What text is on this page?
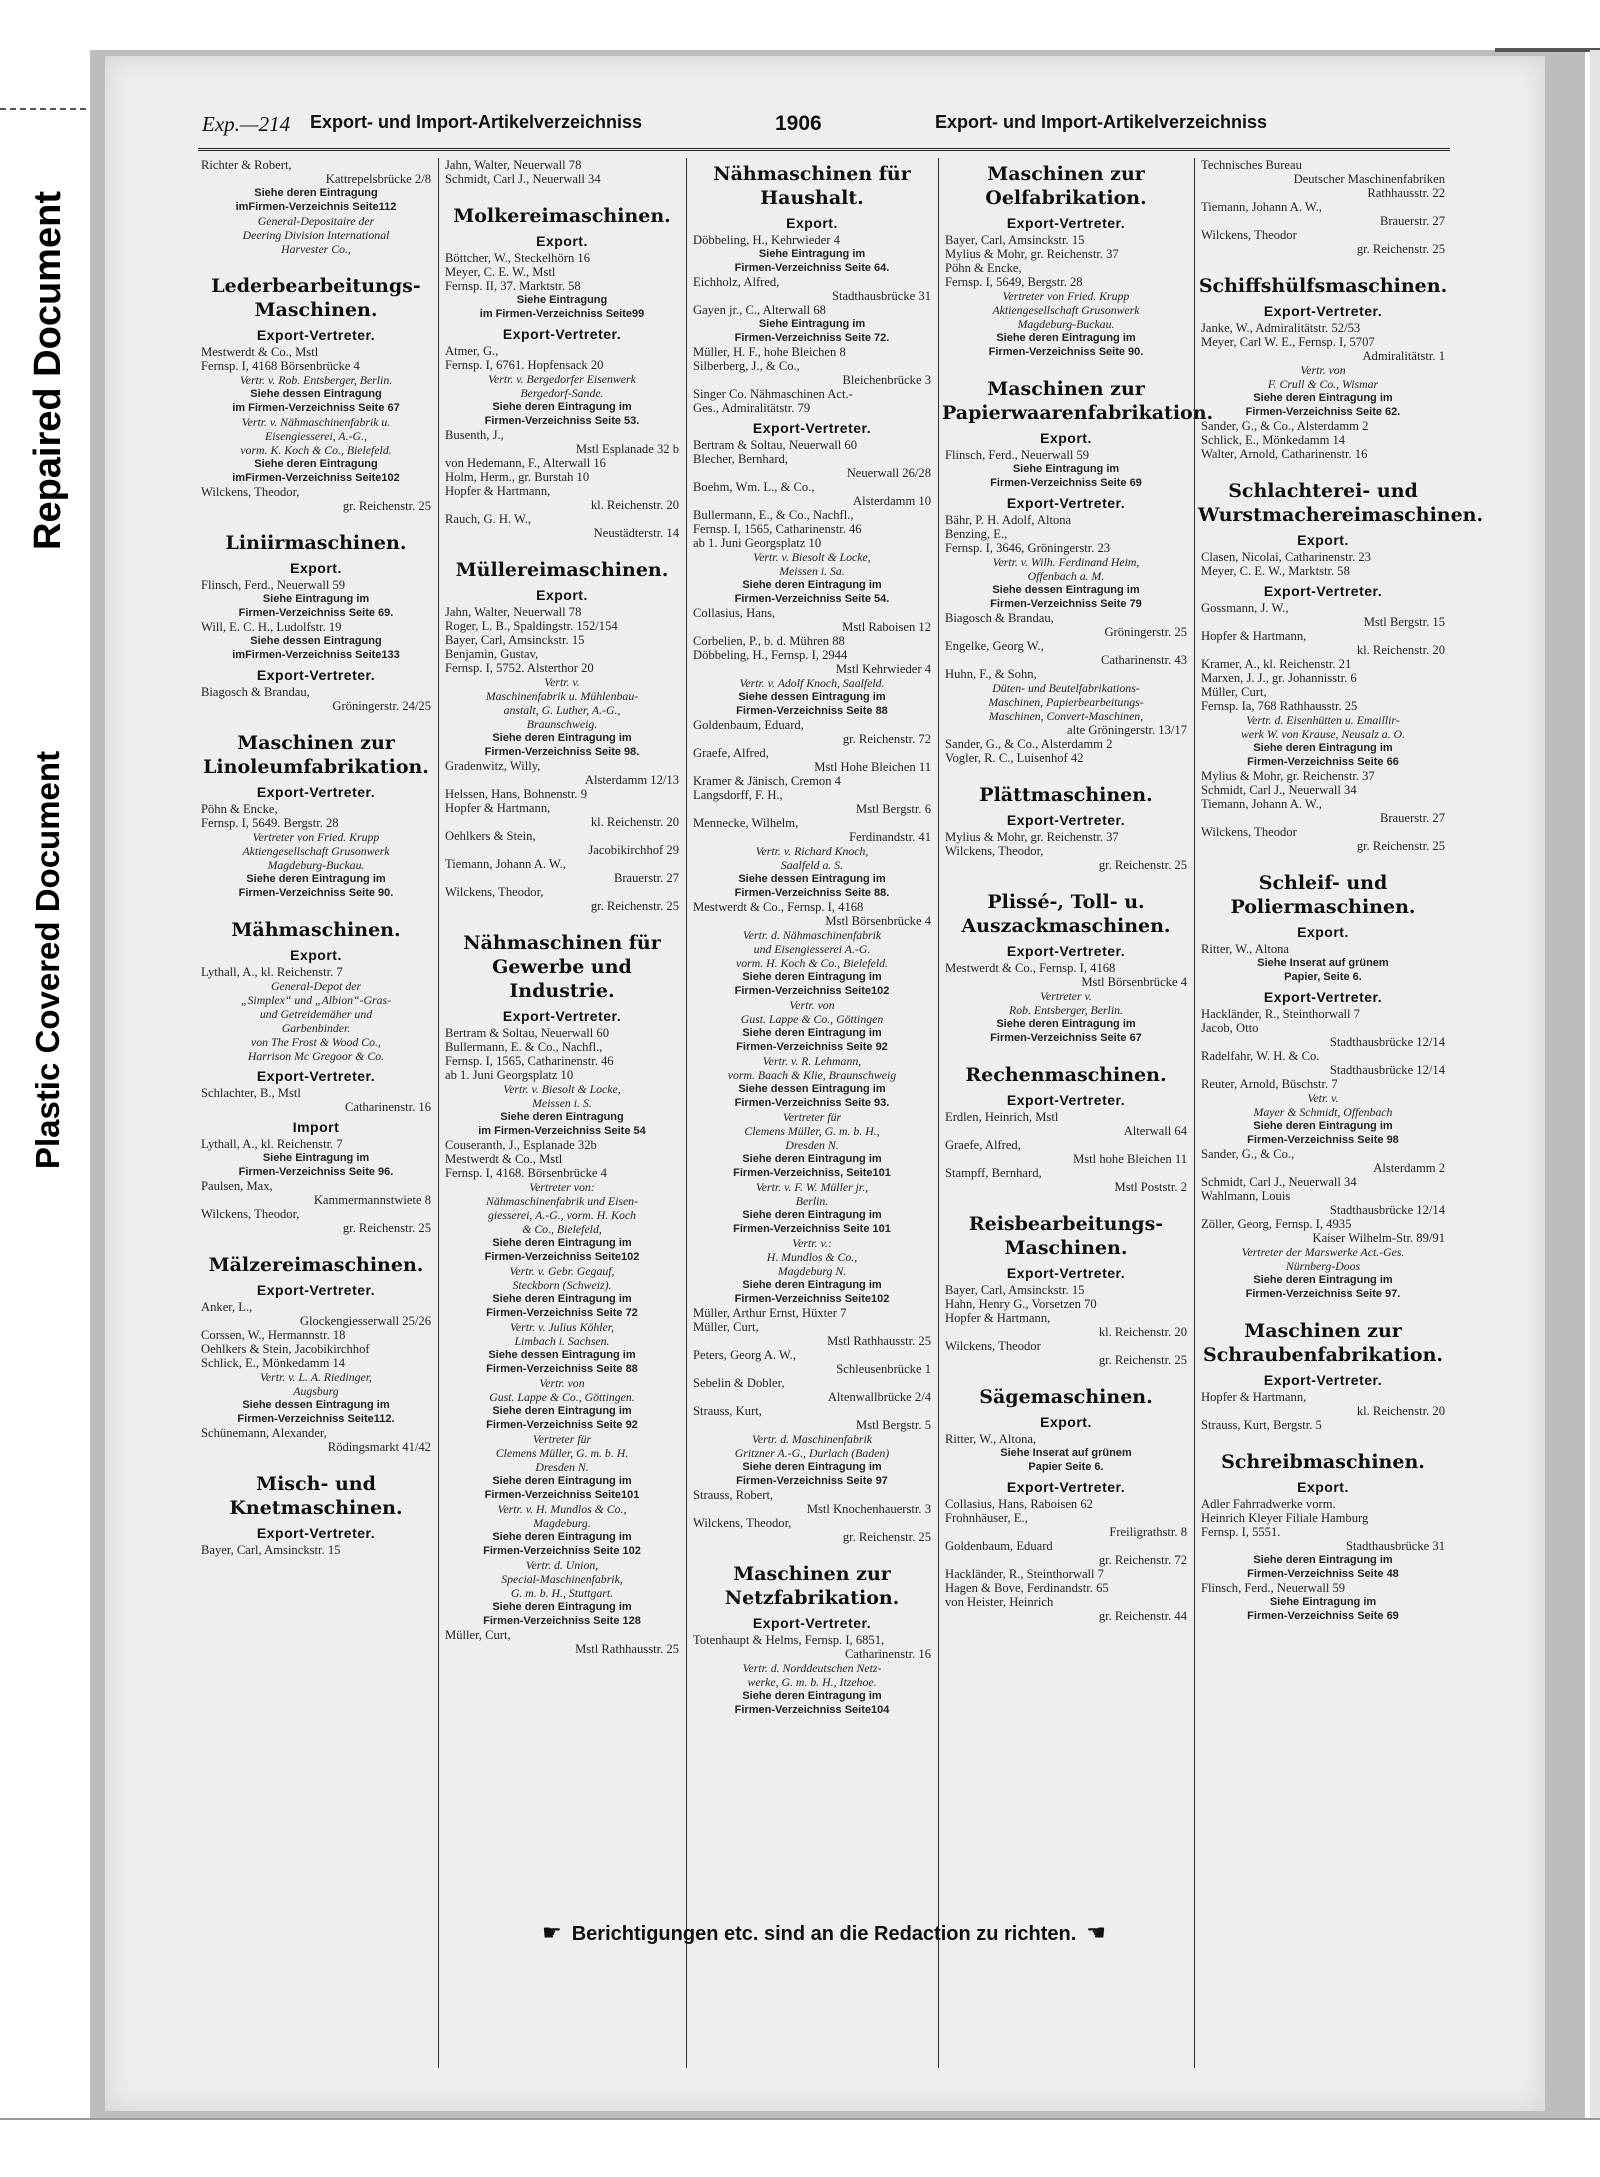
Repaired Document
Plastic Covered Document
Exp.—214 Export- und Import-Artikelverzeichniss	1906	Export- und Import-Artikelverzeichniss
Richter & Robert,
Kattrepelsbrücke 2/8
Siehe deren Eintragung
imFirmen-Verzeichnis Seite112
General-Depositaire der
Deering Division International
Harvester Co.,
Lederbearbeitungs-Maschinen.
Export-Vertreter.
Mestwerdt & Co., Mstl
Fernsp. I, 4168 Börsenbrücke 4
Vertr. v. Rob. Entsberger, Berlin.
Siehe dessen Eintragung
im Firmen-Verzeichniss Seite 67
Vertr. v. Nähmaschinenfabrik u.
Eisengiesserei, A.-G.,
vorm. K. Koch & Co., Bielefeld.
Siehe deren Eintragung
imFirmen-Verzeichniss Seite102
Wilckens, Theodor,
gr. Reichenstr. 25
Liniirmaschinen.
Export.
Flinsch, Ferd., Neuerwall 59
Siehe Eintragung im
Firmen-Verzeichniss Seite 69.
Will, E. C. H., Ludolfstr. 19
Siehe dessen Eintragung
imFirmen-Verzeichniss Seite133
Export-Vertreter.
Biagosch & Brandau,
Gröningerstr. 24/25
Maschinen zur Linoleumfabrikation.
Export-Vertreter.
Pöhn & Encke,
Fernsp. I, 5649. Bergstr. 28
Vertreter von Fried. Krupp
Aktiengesellschaft Grusonwerk
Magdeburg-Buckau.
Siehe deren Eintragung im
Firmen-Verzeichniss Seite 90.
Mähmaschinen.
Export.
Lythall, A., kl. Reichenstr. 7
General-Depot der
„Simplex“ und „Albion“-Gras-
und Getreidemäher und
Garbenbinder.
von The Frost & Wood Co.,
Harrison Mc Gregoor & Co.
Export-Vertreter.
Schlachter, B., Mstl
Catharinenstr. 16
Import
Lythall, A., kl. Reichenstr. 7
Siehe Eintragung im
Firmen-Verzeichniss Seite 96.
Paulsen, Max,
Kammermannstwiete 8
Wilckens, Theodor,
gr. Reichenstr. 25
Mälzereimaschinen.
Export-Vertreter.
Anker, L.,
Glockengiesserwall 25/26
Corssen, W., Hermannstr. 18
Oehlkers & Stein, Jacobikirchhof
Schlick, E., Mönkedamm 14
Vertr. v. L. A. Riedinger,
Augsburg
Siehe dessen Eintragung im
Firmen-Verzeichniss Seite112.
Schünemann, Alexander,
Rödingsmarkt 41/42
Misch- und Knetmaschinen.
Export-Vertreter.
Bayer, Carl, Amsinckstr. 15
Jahn, Walter, Neuerwall 78
Schmidt, Carl J., Neuerwall 34
Molkereimaschinen.
Export.
Böttcher, W., Steckelhörn 16
Meyer, C. E. W., Mstl
Fernsp. II, 37. Marktstr. 58
Siehe Eintragung
im Firmen-Verzeichniss Seite99
Export-Vertreter.
Atmer, G.,
Fernsp. I, 6761. Hopfensack 20
Vertr. v. Bergedorfer Eisenwerk
Bergedorf-Sande.
Siehe deren Eintragung im
Firmen-Verzeichniss Seite 53.
Busenth, J.,
Mstl Esplanade 32 b
von Hedemann, F., Alterwall 16
Holm, Herm., gr. Burstah 10
Hopfer & Hartmann,
kl. Reichenstr. 20
Rauch, G. H. W.,
Neustädterstr. 14
Müllereimaschinen.
Export.
Jahn, Walter, Neuerwall 78
Roger, L. B., Spaldingstr. 152/154
Bayer, Carl, Amsinckstr. 15
Benjamin, Gustav,
Fernsp. I, 5752. Alsterthor 20
Vertr. v.
Maschinenfabrik u. Mühlenbau-
anstalt, G. Luther, A.-G.,
Braunschweig.
Siehe deren Eintragung im
Firmen-Verzeichniss Seite 98.
Gradenwitz, Willy,
Alsterdamm 12/13
Helssen, Hans, Bohnenstr. 9
Hopfer & Hartmann,
kl. Reichenstr. 20
Oehlkers & Stein,
Jacobikirchhof 29
Tiemann, Johann A. W.,
Brauerstr. 27
Wilckens, Theodor,
gr. Reichenstr. 25
Nähmaschinen für Gewerbe und Industrie.
Export-Vertreter.
Bertram & Soltau, Neuerwall 60
Bullermann, E. & Co., Nachfl.,
Fernsp. I, 1565, Catharinenstr. 46
ab 1. Juni Georgsplatz 10
Vertr. v. Biesolt & Locke,
Meissen i. S.
Siehe deren Eintragung
im Firmen-Verzeichniss Seite 54
Couseranth, J., Esplanade 32b
Mestwerdt & Co., Mstl
Fernsp. I, 4168. Börsenbrücke 4
Vertreter von:
Nähmaschinenfabrik und Eisen-
giesserei, A.-G., vorm. H. Koch
& Co., Bielefeld,
Siehe deren Eintragung im
Firmen-Verzeichniss Seite102
Vertr. v. Gebr. Gegauf,
Steckborn (Schweiz).
Siehe deren Eintragung im
Firmen-Verzeichniss Seite 72
Vertr. v. Julius Köhler,
Limbach i. Sachsen.
Siehe dessen Eintragung im
Firmen-Verzeichniss Seite 88
Vertr. von
Gust. Lappe & Co., Göttingen.
Siehe deren Eintragung im
Firmen-Verzeichniss Seite 92
Vertreter für
Clemens Müller, G. m. b. H.
Dresden N.
Siehe deren Eintragung im
Firmen-Verzeichniss Seite101
Vertr. v. H. Mundlos & Co.,
Magdeburg.
Siehe deren Eintragung im
Firmen-Verzeichniss Seite 102
Vertr. d. Union,
Special-Maschinenfabrik,
G. m. b. H., Stuttgart.
Siehe deren Eintragung im
Firmen-Verzeichniss Seite 128
Müller, Curt,
Mstl Rathhausstr. 25
Nähmaschinen für Haushalt.
Export.
Döbbeling, H., Kehrwieder 4
Siehe Eintragung im
Firmen-Verzeichniss Seite 64.
Eichholz, Alfred,
Stadthausbrücke 31
Gayen jr., C., Alterwall 68
Siehe Eintragung im
Firmen-Verzeichniss Seite 72.
Müller, H. F., hohe Bleichen 8
Silberberg, J., & Co.,
Bleichenbrücke 3
Singer Co. Nähmaschinen Act.-
Ges., Admiralitätstr. 79
Export-Vertreter.
Bertram & Soltau, Neuerwall 60
Blecher, Bernhard,
Neuerwall 26/28
Boehm, Wm. L., & Co.,
Alsterdamm 10
Bullermann, E., & Co., Nachfl.,
Fernsp. I, 1565, Catharinenstr. 46
ab 1. Juni Georgsplatz 10
Vertr. v. Biesolt & Locke,
Meissen i. Sa.
Siehe deren Eintragung im
Firmen-Verzeichniss Seite 54.
Collasius, Hans,
Mstl Raboisen 12
Corbelien, P., b. d. Mühren 88
Döbbeling, H., Fernsp. I, 2944
Mstl Kehrwieder 4
Vertr. v. Adolf Knoch, Saalfeld.
Siehe dessen Eintragung im
Firmen-Verzeichniss Seite 88
Goldenbaum, Eduard,
gr. Reichenstr. 72
Graefe, Alfred,
Mstl Hohe Bleichen 11
Kramer & Jänisch, Cremon 4
Langsdorff, F. H.,
Mstl Bergstr. 6
Mennecke, Wilhelm,
Ferdinandstr. 41
Vertr. v. Richard Knoch,
Saalfeld a. S.
Siehe dessen Eintragung im
Firmen-Verzeichniss Seite 88.
Mestwerdt & Co., Fernsp. I, 4168
Mstl Börsenbrücke 4
Vertr. d. Nähmaschinenfabrik
und Eisengiesserei A.-G.
vorm. H. Koch & Co., Bielefeld.
Siehe deren Eintragung im
Firmen-Verzeichniss Seite102
Vertr. von
Gust. Lappe & Co., Göttingen
Siehe deren Eintragung im
Firmen-Verzeichniss Seite 92
Vertr. v. R. Lehmann,
vorm. Baach & Klie, Braunschweig
Siehe dessen Eintragung im
Firmen-Verzeichniss Seite 93.
Vertreter für
Clemens Müller, G. m. b. H.,
Dresden N.
Siehe deren Eintragung im
Firmen-Verzeichniss, Seite101
Vertr. v. F. W. Müller jr.,
Berlin.
Siehe deren Eintragung im
Firmen-Verzeichniss Seite 101
Vertr. v.:
H. Mundlos & Co.,
Magdeburg N.
Siehe deren Eintragung im
Firmen-Verzeichniss Seite102
Müller, Arthur Ernst, Hüxter 7
Müller, Curt,
Mstl Rathhausstr. 25
Peters, Georg A. W.,
Schleusenbrücke 1
Sebelin & Dobler,
Altenwallbrücke 2/4
Strauss, Kurt,
Mstl Bergstr. 5
Vertr. d. Maschinenfabrik
Gritzner A.-G., Durlach (Baden)
Siehe deren Eintragung im
Firmen-Verzeichniss Seite 97
Strauss, Robert,
Mstl Knochenhauerstr. 3
Wilckens, Theodor,
gr. Reichenstr. 25
Maschinen zur Netzfabrikation.
Export-Vertreter.
Totenhaupt & Helms, Fernsp. I, 6851,
Catharinenstr. 16
Vertr. d. Norddeutschen Netz-
werke, G. m. b. H., Itzehoe.
Siehe deren Eintragung im
Firmen-Verzeichniss Seite104
Maschinen zur Oelfabrikation.
Export-Vertreter.
Bayer, Carl, Amsinckstr. 15
Mylius & Mohr, gr. Reichenstr. 37
Pöhn & Encke,
Fernsp. I, 5649, Bergstr. 28
Vertreter von Fried. Krupp
Aktiengesellschaft Grusonwerk
Magdeburg-Buckau.
Siehe deren Eintragung im
Firmen-Verzeichniss Seite 90.
Maschinen zur Papierwaarenfabrikation.
Export.
Flinsch, Ferd., Neuerwall 59
Siehe Eintragung im
Firmen-Verzeichniss Seite 69
Export-Vertreter.
Bähr, P. H. Adolf, Altona
Benzing, E.,
Fernsp. I, 3646, Gröningerstr. 23
Vertr. v. Wilh. Ferdinand Heim,
Offenbach a. M.
Siehe dessen Eintragung im
Firmen-Verzeichniss Seite 79
Biagosch & Brandau,
Gröningerstr. 25
Engelke, Georg W.,
Catharinenstr. 43
Huhn, F., & Sohn,
Düten- und Beutelfabrikations-
Maschinen, Papierbearbeitungs-
Maschinen, Convert-Maschinen,
alte Gröningerstr. 13/17
Sander, G., & Co., Alsterdamm 2
Vogler, R. C., Luisenhof 42
Plättmaschinen.
Export-Vertreter.
Mylius & Mohr, gr. Reichenstr. 37
Wilckens, Theodor,
gr. Reichenstr. 25
Plissé-, Toll- u. Auszackmaschinen.
Export-Vertreter.
Mestwerdt & Co., Fernsp. I, 4168
Mstl Börsenbrücke 4
Vertreter v.
Rob. Entsberger, Berlin.
Siehe deren Eintragung im
Firmen-Verzeichniss Seite 67
Rechenmaschinen.
Export-Vertreter.
Erdlen, Heinrich, Mstl
Alterwall 64
Graefe, Alfred,
Mstl hohe Bleichen 11
Stampff, Bernhard,
Mstl Poststr. 2
Reisbearbeitungs-Maschinen.
Export-Vertreter.
Bayer, Carl, Amsinckstr. 15
Hahn, Henry G., Vorsetzen 70
Hopfer & Hartmann,
kl. Reichenstr. 20
Wilckens, Theodor
gr. Reichenstr. 25
Sägemaschinen.
Export.
Ritter, W., Altona,
Siehe Inserat auf grünem
Papier Seite 6.
Export-Vertreter.
Collasius, Hans, Raboisen 62
Frohnhäuser, E.,
Freiligrathstr. 8
Goldenbaum, Eduard
gr. Reichenstr. 72
Hackländer, R., Steinthorwall 7
Hagen & Bove, Ferdinandstr. 65
von Heister, Heinrich
gr. Reichenstr. 44
Technisches Bureau
Deutscher Maschinenfabriken
Rathhausstr. 22
Tiemann, Johann A. W.,
Brauerstr. 27
Wilckens, Theodor
gr. Reichenstr. 25
Schiffshülfsmaschinen.
Export-Vertreter.
Janke, W., Admiralitätstr. 52/53
Meyer, Carl W. E., Fernsp. I, 5707
Admiralitätstr. 1
Vertr. von
F. Crull & Co., Wismar
Siehe deren Eintragung im
Firmen-Verzeichniss Seite 62.
Sander, G., & Co., Alsterdamm 2
Schlick, E., Mönkedamm 14
Walter, Arnold, Catharinenstr. 16
Schlachterei- und Wurstmachereimaschinen.
Export.
Clasen, Nicolai, Catharinenstr. 23
Meyer, C. E. W., Marktstr. 58
Export-Vertreter.
Gossmann, J. W.,
Mstl Bergstr. 15
Hopfer & Hartmann,
kl. Reichenstr. 20
Kramer, A., kl. Reichenstr. 21
Marxen, J. J., gr. Johannisstr. 6
Müller, Curt,
Fernsp. Ia, 768 Rathhausstr. 25
Vertr. d. Eisenhütten u. Emaillir-
werk W. von Krause, Neusalz a. O.
Siehe deren Eintragung im
Firmen-Verzeichniss Seite 66
Mylius & Mohr, gr. Reichenstr. 37
Schmidt, Carl J., Neuerwall 34
Tiemann, Johann A. W.,
Brauerstr. 27
Wilckens, Theodor
gr. Reichenstr. 25
Schleif- und Poliermaschinen.
Export.
Ritter, W., Altona
Siehe Inserat auf grünem
Papier, Seite 6.
Export-Vertreter.
Hackländer, R., Steinthorwall 7
Jacob, Otto
Stadthausbrücke 12/14
Radelfahr, W. H. & Co.
Stadthausbrücke 12/14
Reuter, Arnold, Büschstr. 7
Vetr. v.
Mayer & Schmidt, Offenbach
Siehe deren Eintragung im
Firmen-Verzeichniss Seite 98
Sander, G., & Co.,
Alsterdamm 2
Schmidt, Carl J., Neuerwall 34
Wahlmann, Louis
Stadthausbrücke 12/14
Zöller, Georg, Fernsp. I, 4935
Kaiser Wilhelm-Str. 89/91
Vertreter der Marswerke Act.-Ges.
Nürnberg-Doos
Siehe deren Eintragung im
Firmen-Verzeichniss Seite 97.
Maschinen zur Schraubenfabrikation.
Export-Vertreter.
Hopfer & Hartmann,
kl. Reichenstr. 20
Strauss, Kurt, Bergstr. 5
Schreibmaschinen.
Export.
Adler Fahrradwerke vorm.
Heinrich Kleyer Filiale Hamburg
Fernsp. I, 5551.
Stadthausbrücke 31
Siehe deren Eintragung im
Firmen-Verzeichniss Seite 48
Flinsch, Ferd., Neuerwall 59
Siehe Eintragung im
Firmen-Verzeichniss Seite 69
☛ Berichtigungen etc. sind an die Redaction zu richten. ☚
